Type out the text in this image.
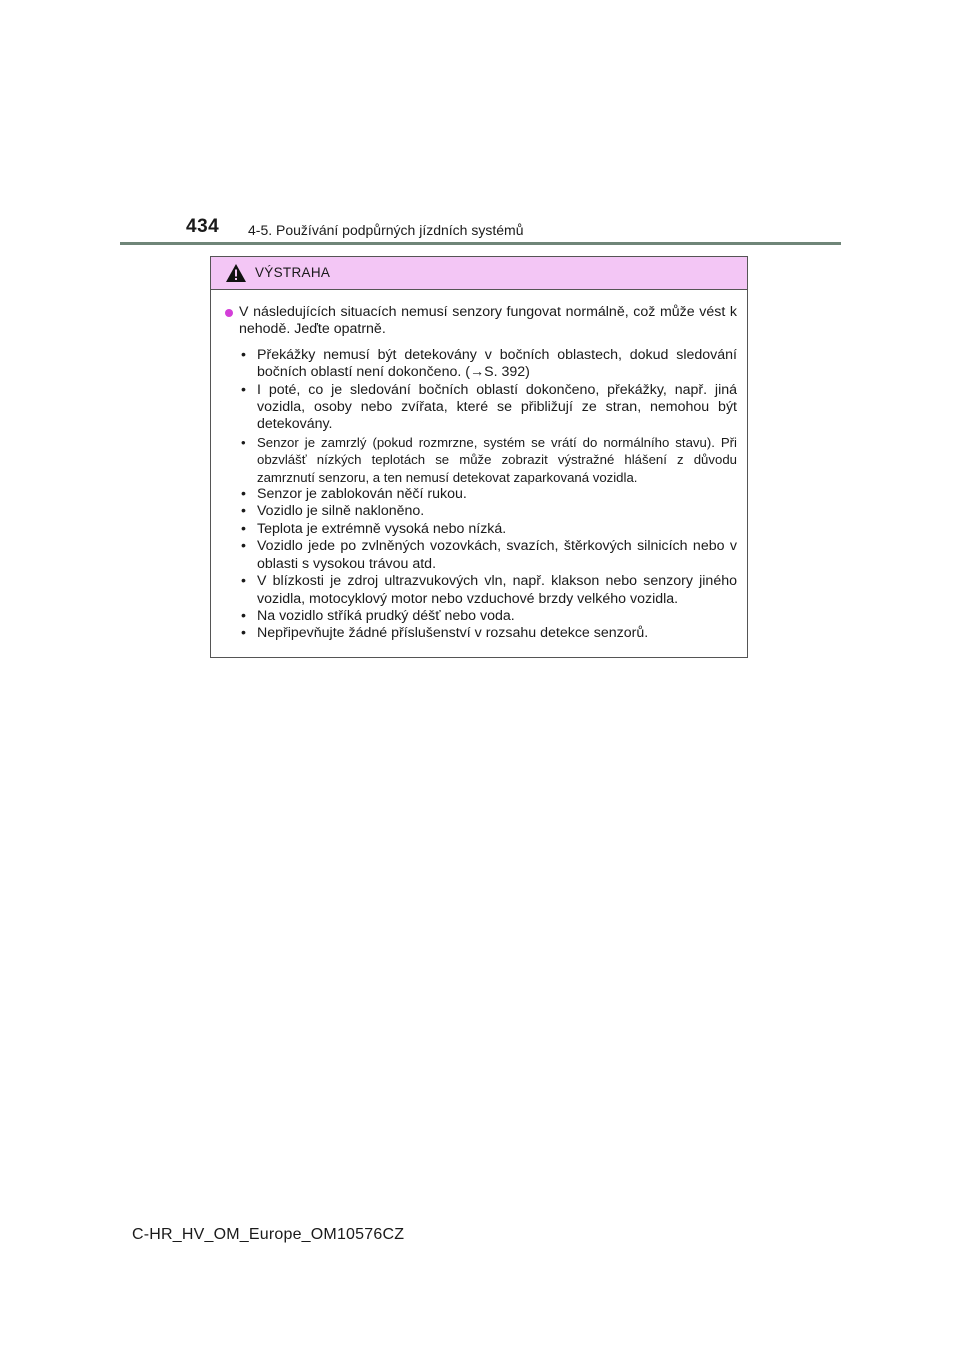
434 4-5. Používání podpůrných jízdních systémů
VÝSTRAHA
V následujících situacích nemusí senzory fungovat normálně, což může vést k nehodě. Jeďte opatrně.
• Překážky nemusí být detekovány v bočních oblastech, dokud sledování bočních oblastí není dokončeno. (→S. 392)
• I poté, co je sledování bočních oblastí dokončeno, překážky, např. jiná vozidla, osoby nebo zvířata, které se přibližují ze stran, nemohou být detekovány.
• Senzor je zamrzlý (pokud rozmrzne, systém se vrátí do normálního stavu). Při obzvlášť nízkých teplotách se může zobrazit výstražné hlášení z důvodu zamrznutí senzoru, a ten nemusí detekovat zaparkovaná vozidla.
• Senzor je zablokován něčí rukou.
• Vozidlo je silně nakloněno.
• Teplota je extrémně vysoká nebo nízká.
• Vozidlo jede po zvlněných vozovkách, svazích, štěrkových silnicích nebo v oblasti s vysokou trávou atd.
• V blízkosti je zdroj ultrazvukových vln, např. klakson nebo senzory jiného vozidla, motocyklový motor nebo vzduchové brzdy velkého vozidla.
• Na vozidlo stříká prudký déšť nebo voda.
• Nepřipevňujte žádné příslušenství v rozsahu detekce senzorů.
C-HR_HV_OM_Europe_OM10576CZ
